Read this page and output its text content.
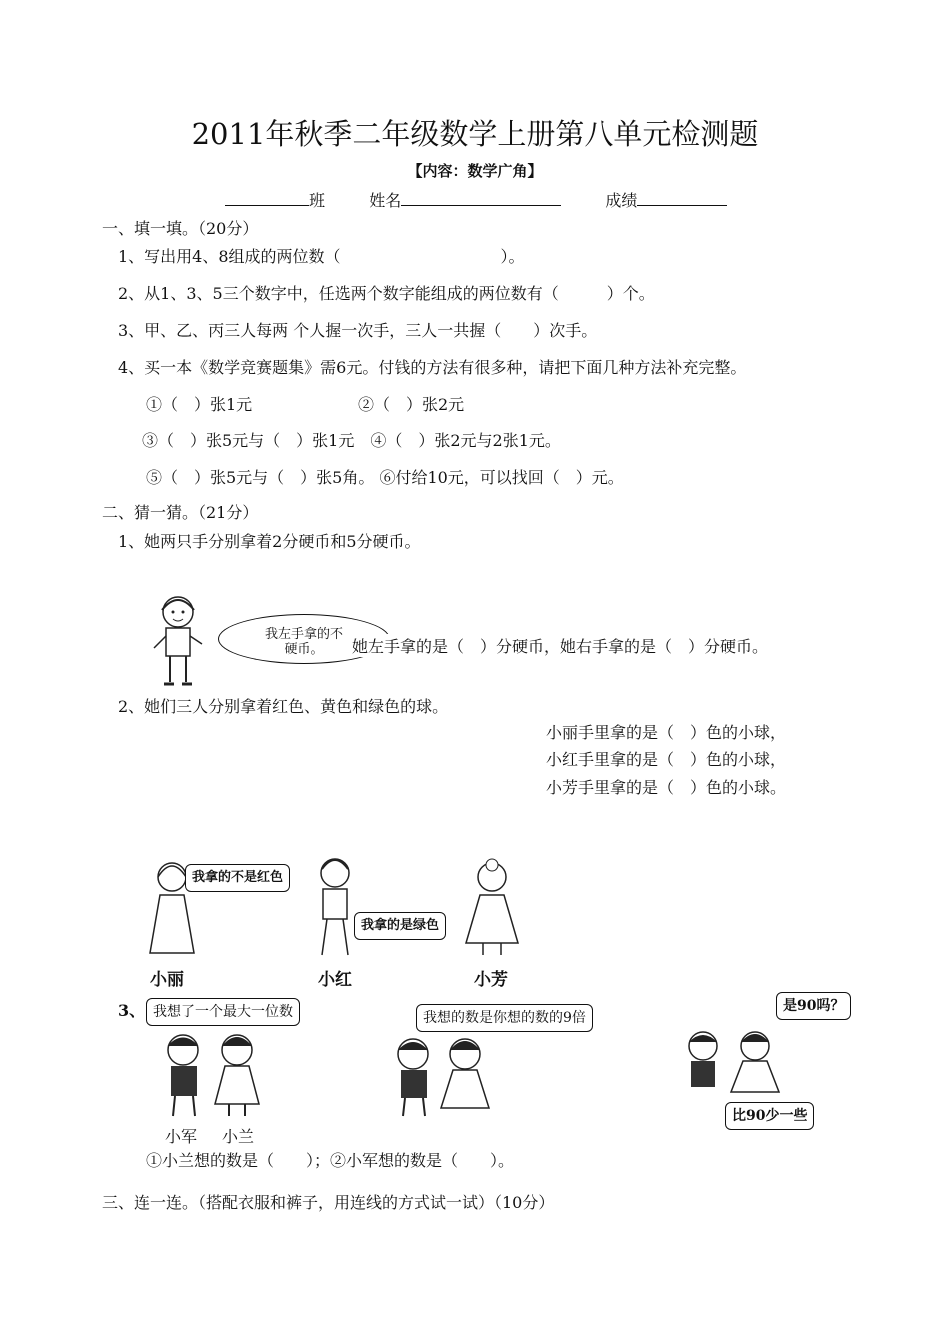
2011年秋季二年级数学上册第八单元检测题
【内容：数学广角】
班	姓名	成绩
一、填一填。（20分）
1、写出用4、8组成的两位数（　　　　　　　　　　）。
2、从1、3、5三个数字中，任选两个数字能组成的两位数有（　　　）个。
3、甲、乙、丙三人每两 个人握一次手，三人一共握（　　）次手。
4、买一本《数学竞赛题集》需6元。付钱的方法有很多种，请把下面几种方法补充完整。
①（　）张1元	②（　）张2元
③（　）张5元与（　）张1元　④（　）张2元与2张1元。
⑤（　）张5元与（　）张5角。 ⑥付给10元，可以找回（　）元。
二、猜一猜。（21分）
1、她两只手分别拿着2分硬币和5分硬币。
我左手拿的不
硬币。	她左手拿的是（　）分硬币，她右手拿的是（　）分硬币。
2、她们三人分别拿着红色、黄色和绿色的球。
小丽手里拿的是（　）色的小球，
小红手里拿的是（　）色的小球，
小芳手里拿的是（　）色的小球。
我拿的不是红色
我拿的是绿色
小丽	小红	小芳
3、 我想了一个最大一位数	我想的数是你想的数的9倍
是90吗？
比90少一些
小军 小兰
①小兰想的数是（　　）；②小军想的数是（　　）。
三、连一连。（搭配衣服和裤子，用连线的方式试一试）（10分）
